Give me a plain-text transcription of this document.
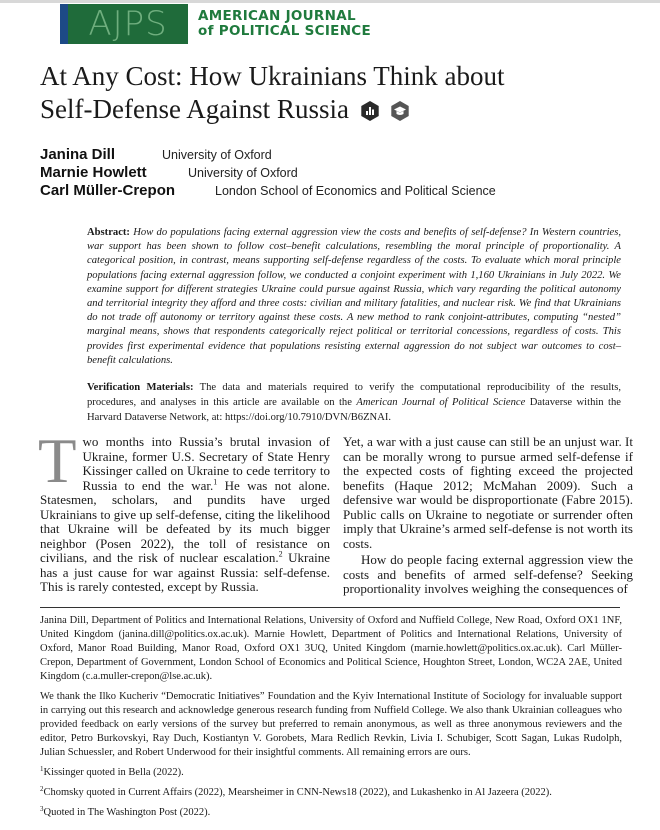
AJPS AMERICAN JOURNAL
of POLITICAL SCIENCE
At Any Cost: How Ukrainians Think about
Self-Defense Against Russia
Janina Dill	University of Oxford
Marnie Howlett	University of Oxford
Carl Müller-Crepon	London School of Economics and Political Science
Abstract: How do populations facing external aggression view the costs and benefits of self-defense? In Western countries, war support has been shown to follow cost–benefit calculations, resembling the moral principle of proportionality. A categorical position, in contrast, means supporting self-defense regardless of the costs. To evaluate which moral principle populations facing external aggression follow, we conducted a conjoint experiment with 1,160 Ukrainians in July 2022. We examine support for different strategies Ukraine could pursue against Russia, which vary regarding the political autonomy and territorial integrity they afford and three costs: civilian and military fatalities, and nuclear risk. We find that Ukrainians do not trade off autonomy or territory against these costs. A new method to rank conjoint-attributes, computing “nested” marginal means, shows that respondents categorically reject political or territorial concessions, regardless of costs. This provides first experimental evidence that populations resisting external aggression do not subject war outcomes to cost–benefit calculations.
Verification Materials: The data and materials required to verify the computational reproducibility of the results, procedures, and analyses in this article are available on the American Journal of Political Science Dataverse within the Harvard Dataverse Network, at: https://doi.org/10.7910/DVN/B6ZNAI.

Two months into Russia’s brutal invasion of Ukraine, former U.S. Secretary of State Henry Kissinger called on Ukraine to cede territory to Russia to end the war.$^1$ He was not alone. Statesmen, scholars, and pundits have urged Ukrainians to give up self-defense, citing the likelihood that Ukraine will be defeated by its much bigger neighbor (Posen 2022), the toll of resistance on civilians, and the risk of nuclear escalation.$^2$ Ukraine has a just cause for war against Russia: self-defense. This is rarely contested, except by Russia.

Yet, a war with a just cause can still be an unjust war. It can be morally wrong to pursue armed self-defense if the expected costs of fighting exceed the projected benefits (Haque 2012; McMahan 2009). Such a defensive war would be disproportionate (Fabre 2015). Public calls on Ukraine to negotiate or surrender often imply that Ukraine’s armed self-defense is not worth its costs.

How do people facing external aggression view the costs and benefits of armed self-defense? Seeking proportionality involves weighing the consequences of

Janina Dill, Department of Politics and International Relations, University of Oxford and Nuffield College, New Road, Oxford OX1 1NF, United Kingdom (janina.dill@politics.ox.ac.uk). Marnie Howlett, Department of Politics and International Relations, University of Oxford, Manor Road Building, Manor Road, Oxford OX1 3UQ, United Kingdom (marnie.howlett@politics.ox.ac.uk). Carl Müller-Crepon, Department of Government, London School of Economics and Political Science, Houghton Street, London, WC2A 2AE, United Kingdom (c.a.muller-crepon@lse.ac.uk).
We thank the Ilko Kucheriv “Democratic Initiatives” Foundation and the Kyiv International Institute of Sociology for invaluable support in carrying out this research and acknowledge generous research funding from Nuffield College. We also thank Ukrainian colleagues who provided feedback on early versions of the survey but preferred to remain anonymous, as well as three anonymous reviewers and the editor, Petro Burkovskyi, Ray Duch, Kostiantyn V. Gorobets, Mara Redlich Revkin, Livia I. Schubiger, Scott Sagan, Lukas Rudolph, Julian Schuessler, and Robert Underwood for their insightful comments. All remaining errors are ours.
$^1$Kissinger quoted in Bella (2022).
$^2$Chomsky quoted in Current Affairs (2022), Mearsheimer in CNN-News18 (2022), and Lukashenko in Al Jazeera (2022).
$^3$Quoted in The Washington Post (2022).
